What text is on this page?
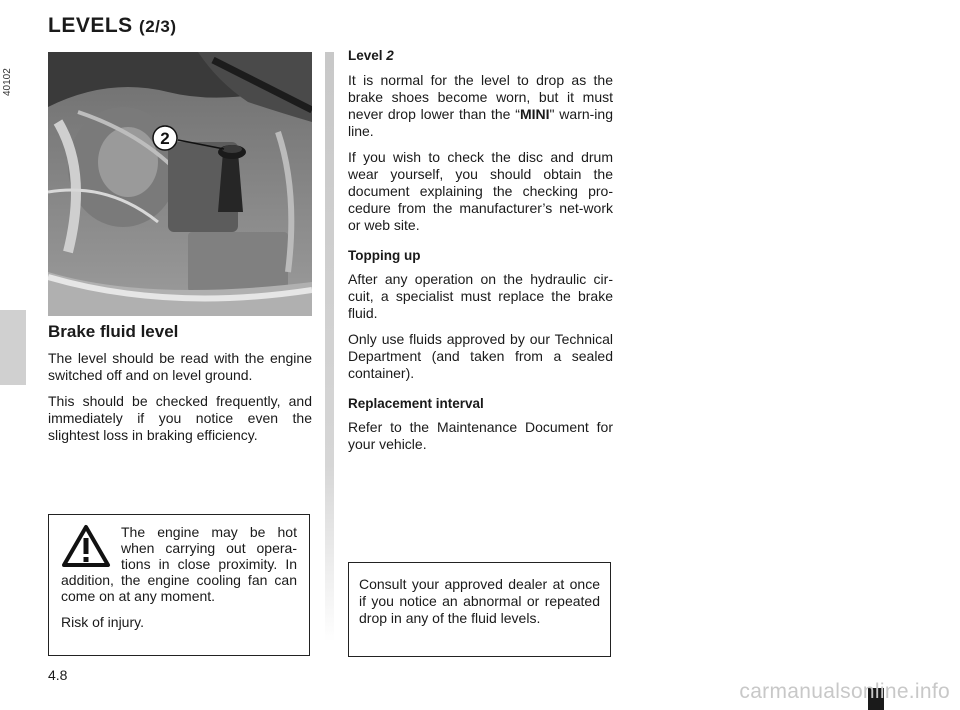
LEVELS (2/3)
40102
2
Brake fluid level

The level should be read with the engine switched off and on level ground.

This should be checked frequently, and immediately if you notice even the slightest loss in braking efficiency.

Level 2

It is normal for the level to drop as the brake shoes become worn, but it must never drop lower than the “MINI" warn-ing line.

If you wish to check the disc and drum wear yourself, you should obtain the document explaining the checking pro-cedure from the manufacturer’s net-work or web site.

Topping up

After any operation on the hydraulic cir-cuit, a specialist must replace the brake fluid.

Only use fluids approved by our Technical Department (and taken from a sealed container).

Replacement interval

Refer to the Maintenance Document for your vehicle.

The engine may be hot when carrying out opera-tions in close proximity. In addition, the engine cooling fan can come on at any moment.

Risk of injury.

Consult your approved dealer at once if you notice an abnormal or repeated drop in any of the fluid levels.
4.8
carmanualsonline.info
